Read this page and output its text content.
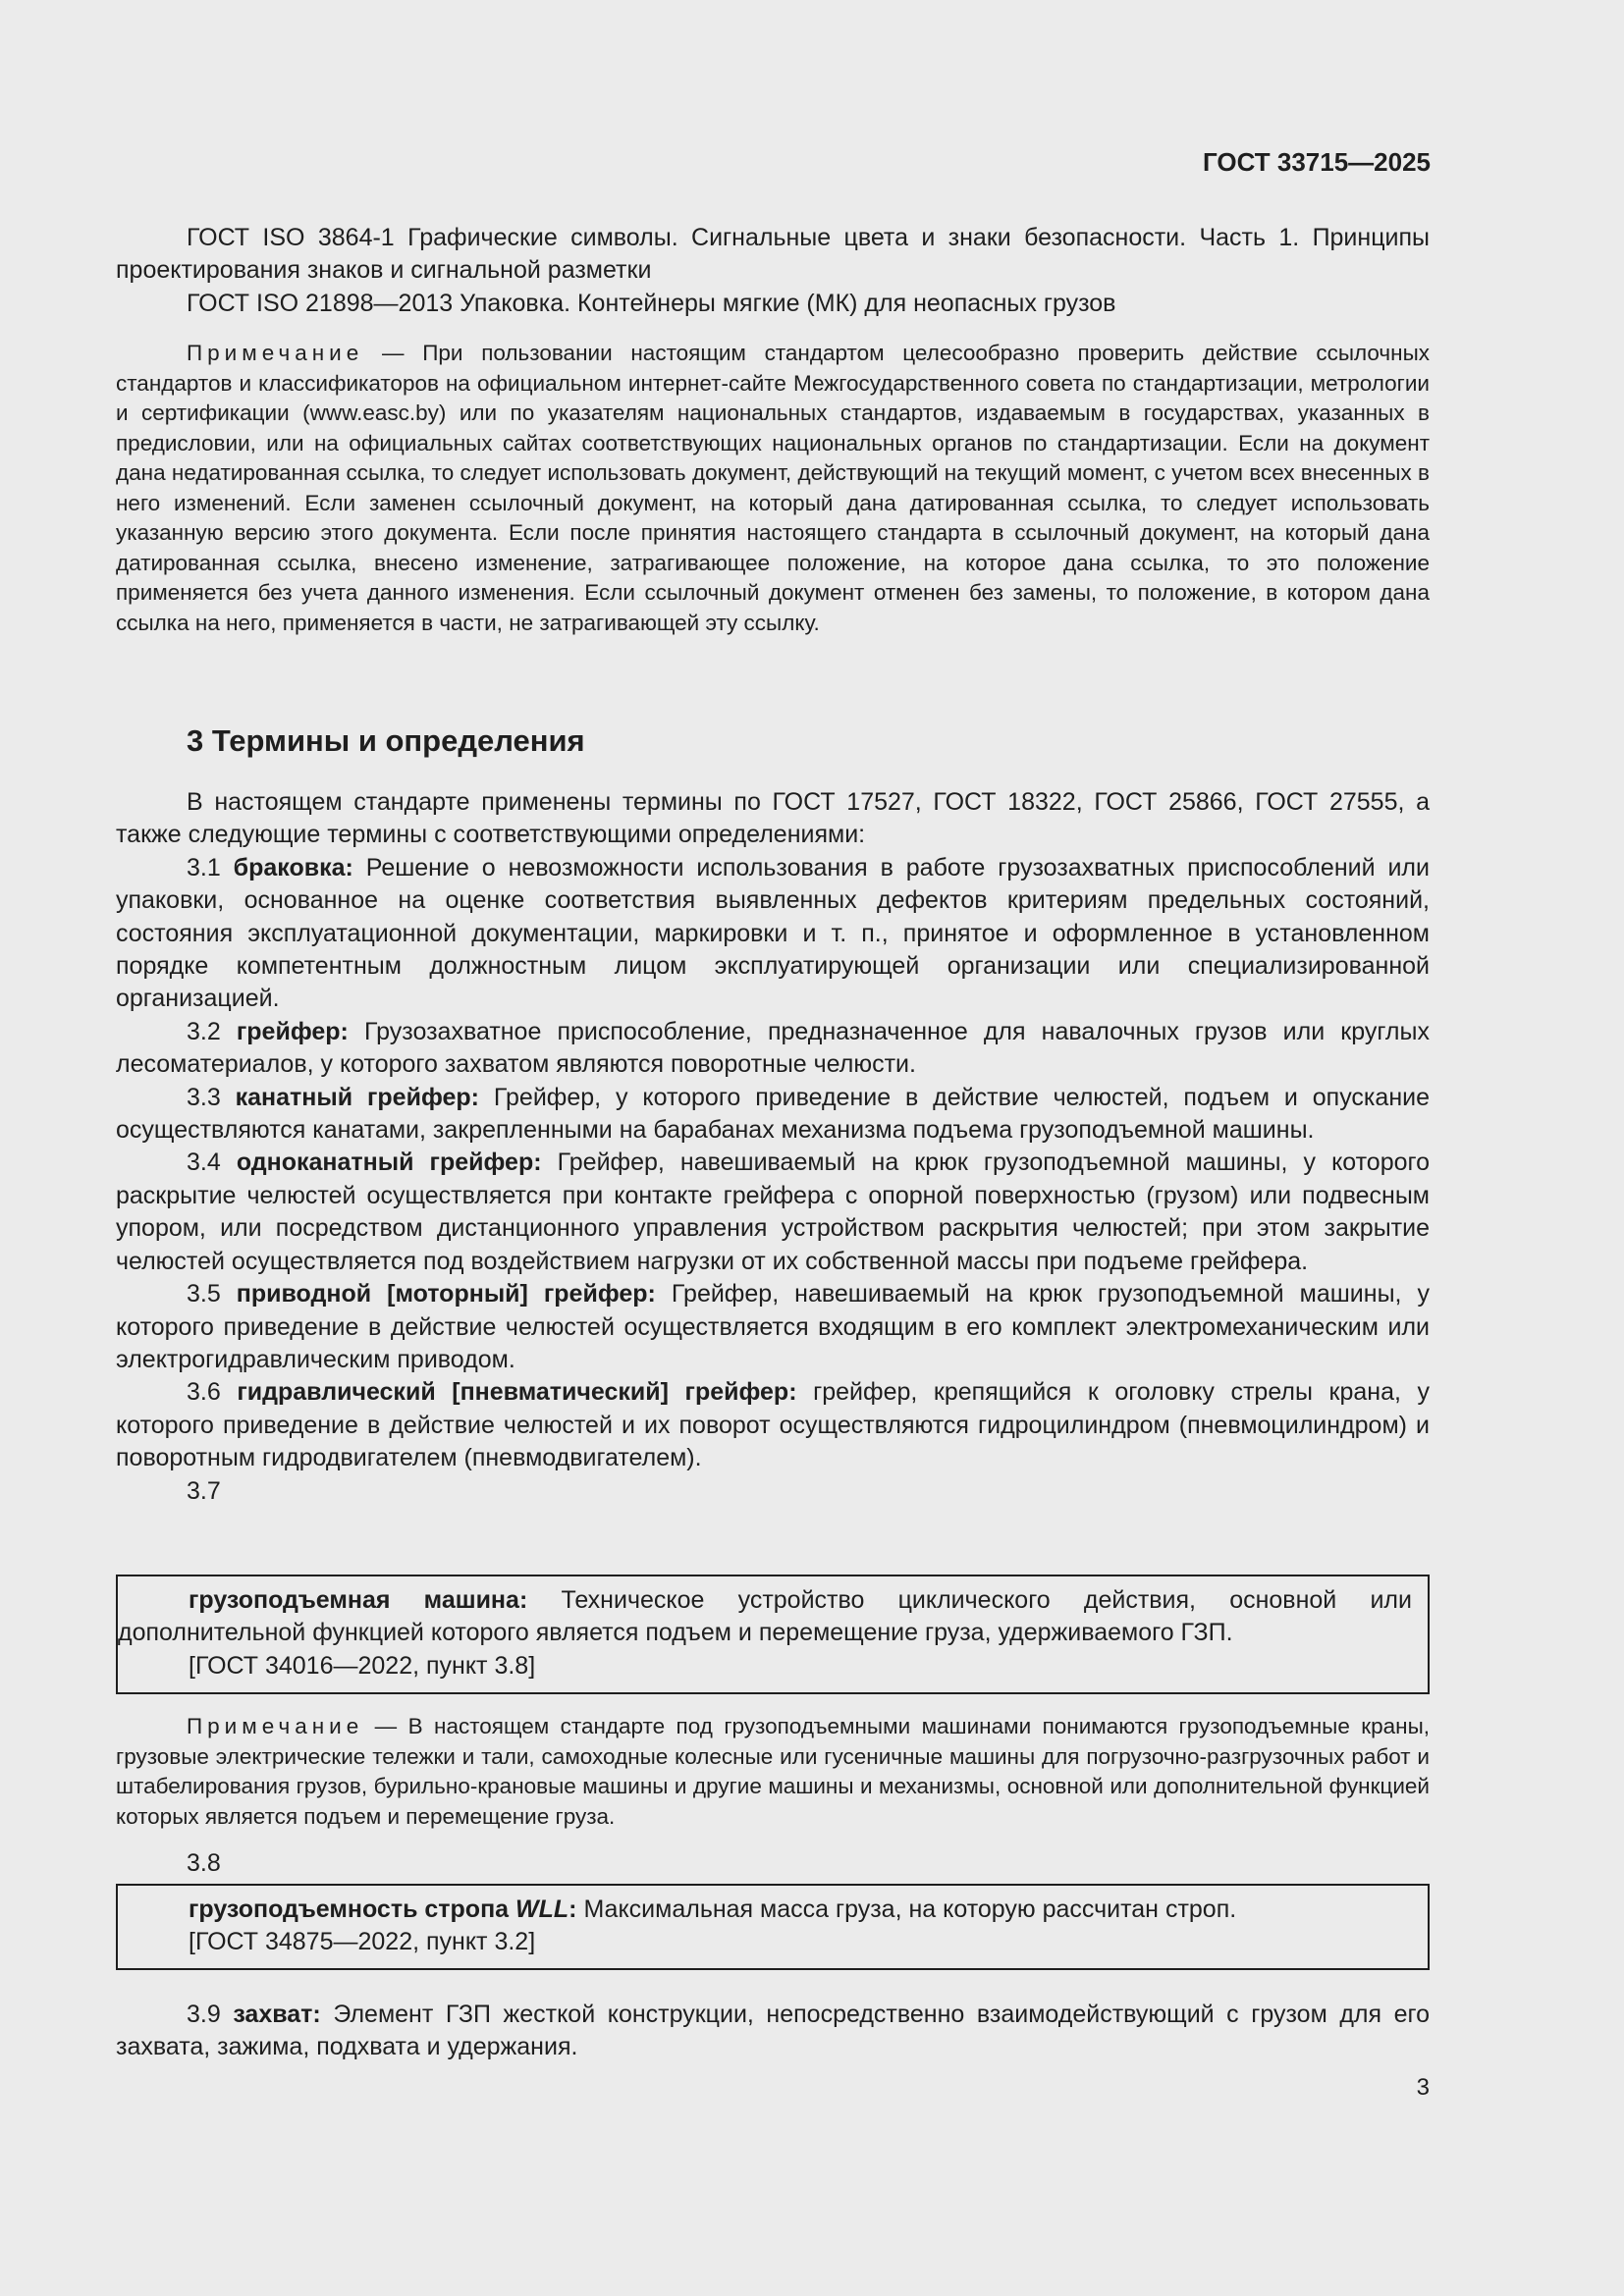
ГОСТ 33715—2025

ГОСТ ISO 3864-1 Графические символы. Сигнальные цвета и знаки безопасности. Часть 1. Принципы проектирования знаков и сигнальной разметки

ГОСТ ISO 21898—2013 Упаковка. Контейнеры мягкие (МК) для неопасных грузов

Примечание — При пользовании настоящим стандартом целесообразно проверить действие ссылочных стандартов и классификаторов на официальном интернет-сайте Межгосударственного совета по стандартизации, метрологии и сертификации (www.easc.by) или по указателям национальных стандартов, издаваемым в государствах, указанных в предисловии, или на официальных сайтах соответствующих национальных органов по стандартизации. Если на документ дана недатированная ссылка, то следует использовать документ, действующий на текущий момент, с учетом всех внесенных в него изменений. Если заменен ссылочный документ, на который дана датированная ссылка, то следует использовать указанную версию этого документа. Если после принятия настоящего стандарта в ссылочный документ, на который дана датированная ссылка, внесено изменение, затрагивающее положение, на которое дана ссылка, то это положение применяется без учета данного изменения. Если ссылочный документ отменен без замены, то положение, в котором дана ссылка на него, применяется в части, не затрагивающей эту ссылку.

3 Термины и определения

В настоящем стандарте применены термины по ГОСТ 17527, ГОСТ 18322, ГОСТ 25866, ГОСТ 27555, а также следующие термины с соответствующими определениями:

3.1 браковка: Решение о невозможности использования в работе грузозахватных приспособлений или упаковки, основанное на оценке соответствия выявленных дефектов критериям предельных состояний, состояния эксплуатационной документации, маркировки и т. п., принятое и оформленное в установленном порядке компетентным должностным лицом эксплуатирующей организации или специализированной организацией.

3.2 грейфер: Грузозахватное приспособление, предназначенное для навалочных грузов или круглых лесоматериалов, у которого захватом являются поворотные челюсти.

3.3 канатный грейфер: Грейфер, у которого приведение в действие челюстей, подъем и опускание осуществляются канатами, закрепленными на барабанах механизма подъема грузоподъемной машины.

3.4 одноканатный грейфер: Грейфер, навешиваемый на крюк грузоподъемной машины, у которого раскрытие челюстей осуществляется при контакте грейфера с опорной поверхностью (грузом) или подвесным упором, или посредством дистанционного управления устройством раскрытия челюстей; при этом закрытие челюстей осуществляется под воздействием нагрузки от их собственной массы при подъеме грейфера.

3.5 приводной [моторный] грейфер: Грейфер, навешиваемый на крюк грузоподъемной машины, у которого приведение в действие челюстей осуществляется входящим в его комплект электромеханическим или электрогидравлическим приводом.

3.6 гидравлический [пневматический] грейфер: грейфер, крепящийся к оголовку стрелы крана, у которого приведение в действие челюстей и их поворот осуществляются гидроцилиндром (пневмоцилиндром) и поворотным гидродвигателем (пневмодвигателем).

3.7

грузоподъемная машина: Техническое устройство циклического действия, основной или дополнительной функцией которого является подъем и перемещение груза, удерживаемого ГЗП.

[ГОСТ 34016—2022, пункт 3.8]

Примечание — В настоящем стандарте под грузоподъемными машинами понимаются грузоподъемные краны, грузовые электрические тележки и тали, самоходные колесные или гусеничные машины для погрузочно-разгрузочных работ и штабелирования грузов, бурильно-крановые машины и другие машины и механизмы, основной или дополнительной функцией которых является подъем и перемещение груза.

3.8

грузоподъемность стропа WLL: Максимальная масса груза, на которую рассчитан строп.

[ГОСТ 34875—2022, пункт 3.2]

3.9 захват: Элемент ГЗП жесткой конструкции, непосредственно взаимодействующий с грузом для его захвата, зажима, подхвата и удержания.

3
